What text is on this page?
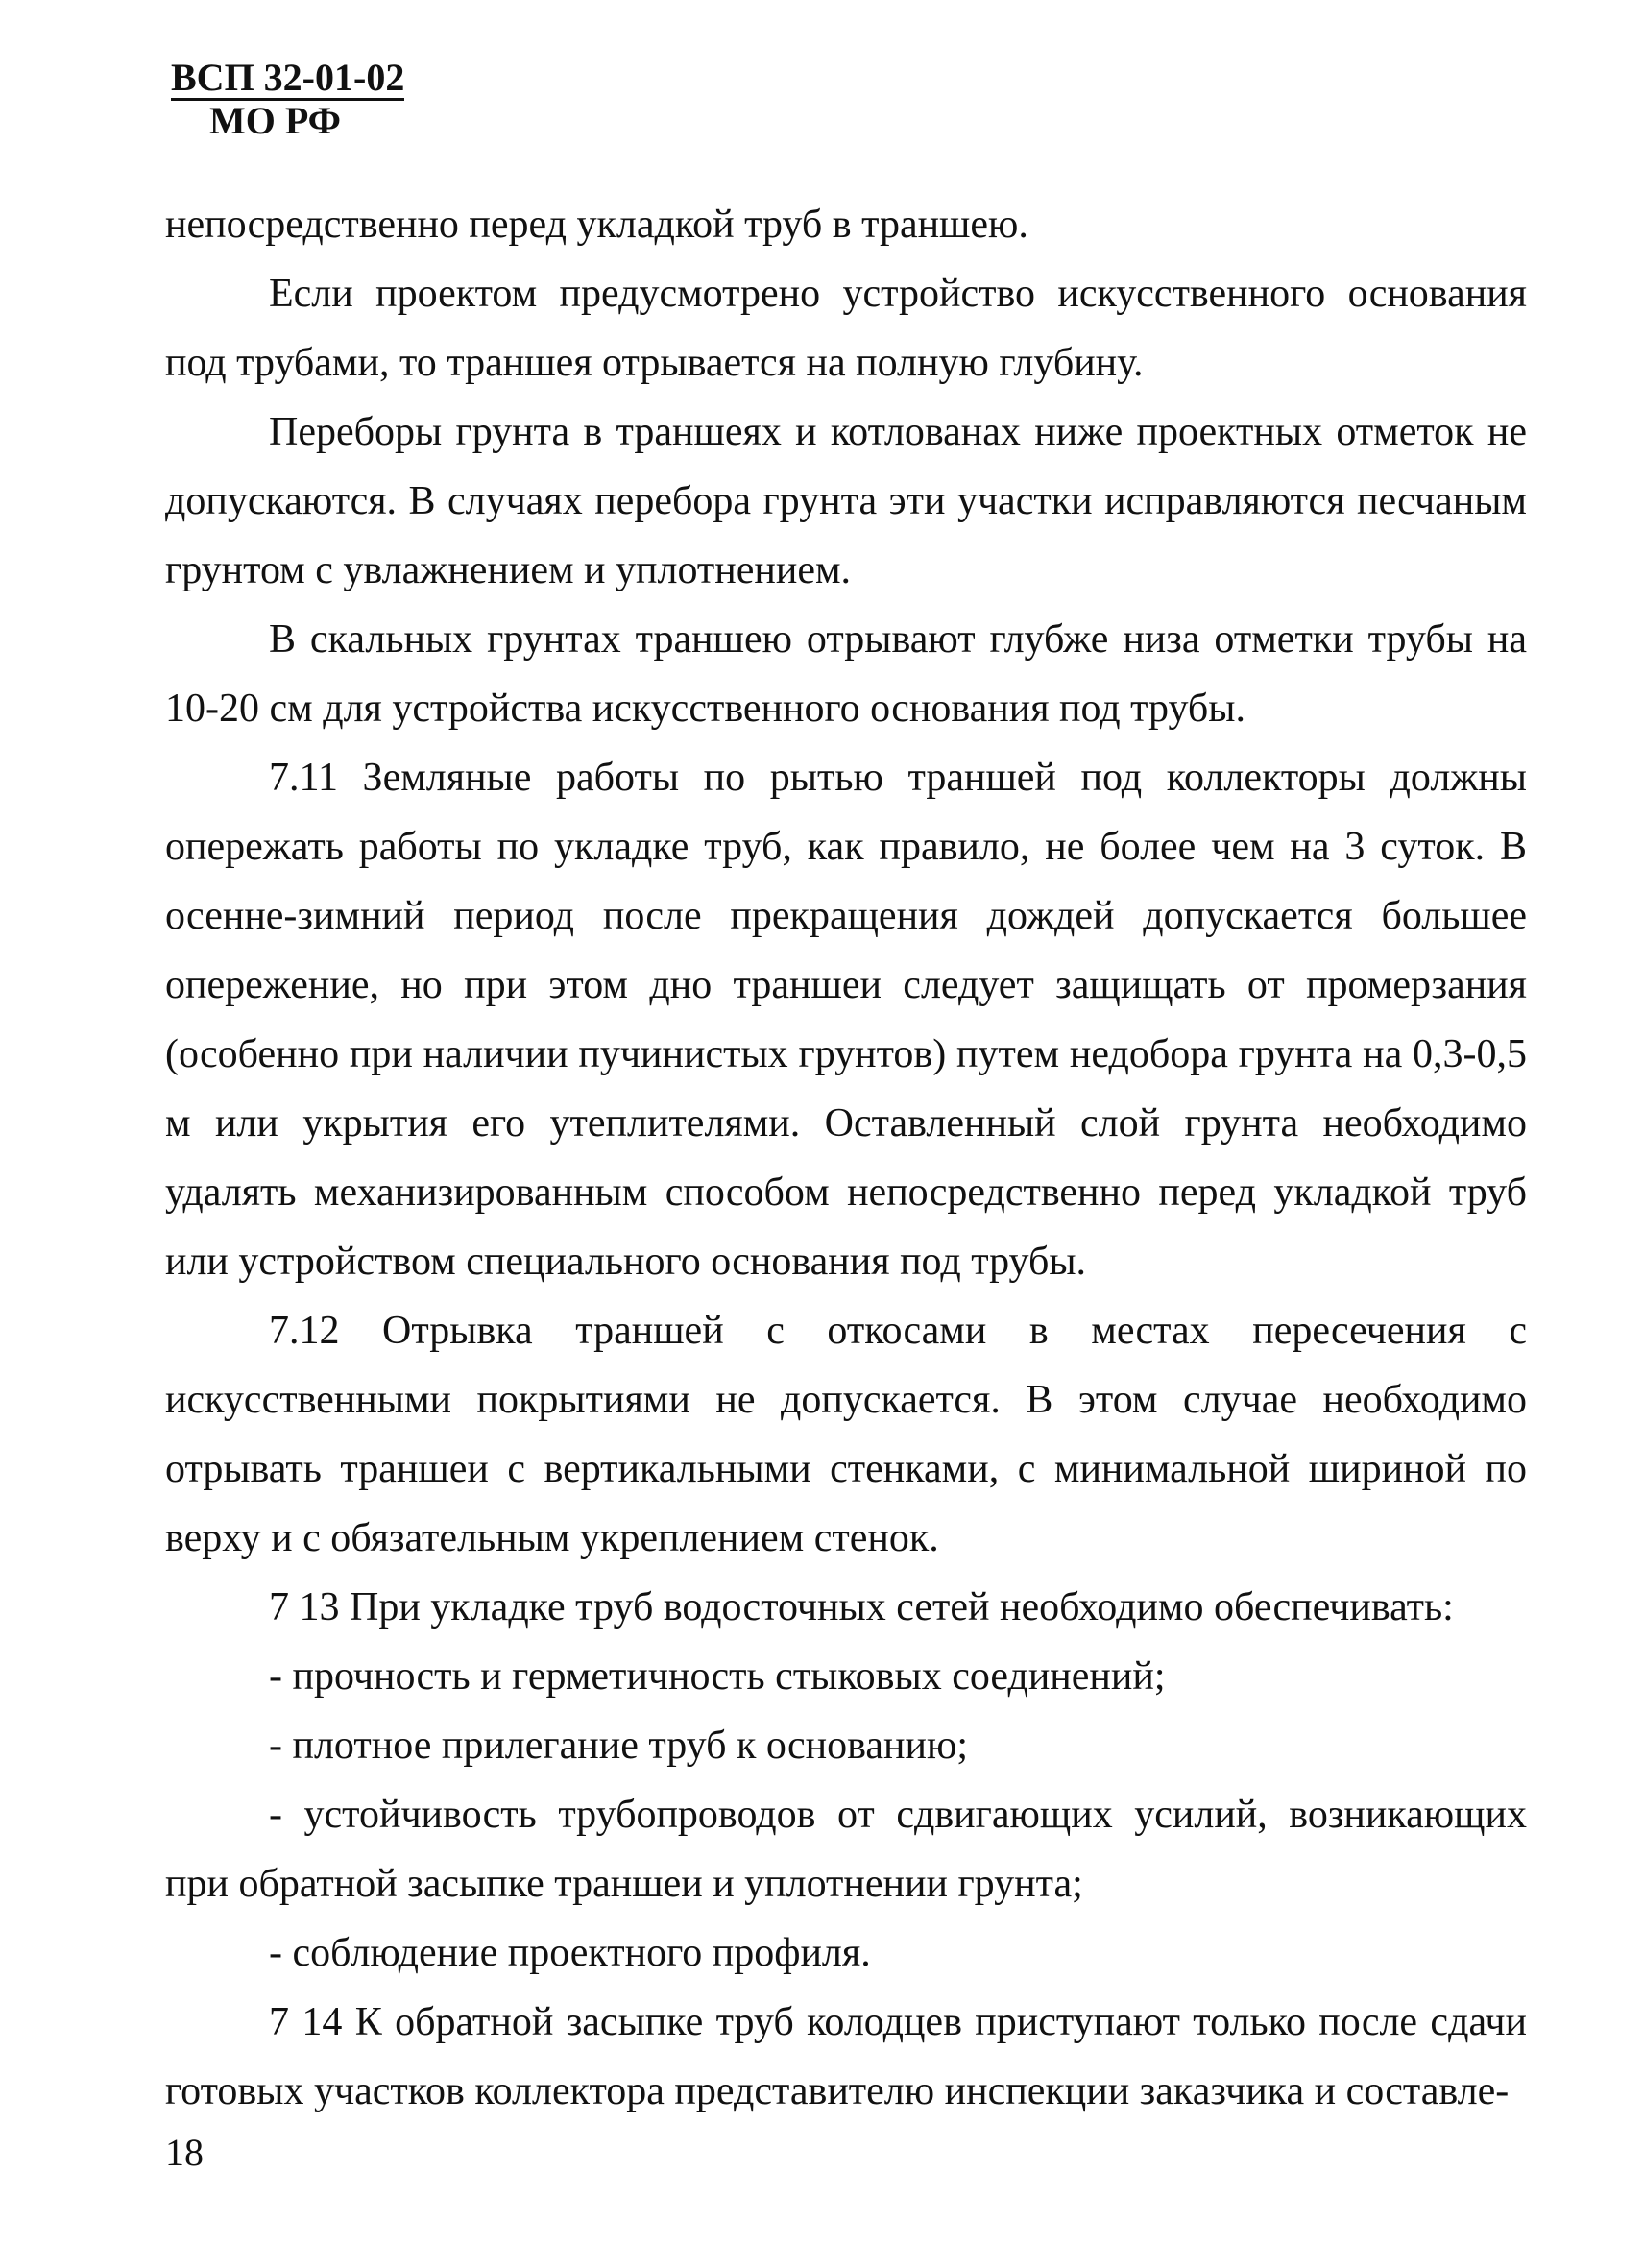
ВСП 32-01-02
МО РФ

непосредственно перед укладкой труб в траншею.

Если проектом предусмотрено устройство искусственного основания под трубами, то траншея отрывается на полную глубину.

Переборы грунта в траншеях и котлованах ниже проектных отметок не допускаются. В случаях перебора грунта эти участки исправляются песчаным грунтом с увлажнением и уплотнением.

В скальных грунтах траншею отрывают глубже низа отметки трубы на 10-20 см для устройства искусственного основания под трубы.

7.11 Земляные работы по рытью траншей под коллекторы должны опережать работы по укладке труб, как правило, не более чем на 3 суток. В осенне-зимний период после прекращения дождей допускается большее опережение, но при этом дно траншеи следует защищать от промерзания (особенно при наличии пучинистых грунтов) путем недобора грунта на 0,3-0,5 м или укрытия его утеплителями. Оставленный слой грунта необходимо удалять механизированным способом непосредственно перед укладкой труб или устройством специального основания под трубы.

7.12 Отрывка траншей с откосами в местах пересечения с искусственными покрытиями не допускается. В этом случае необходимо отрывать траншеи с вертикальными стенками, с минимальной шириной по верху и с обязательным укреплением стенок.

7 13 При укладке труб водосточных сетей необходимо обеспечивать:

- прочность и герметичность стыковых соединений;

- плотное прилегание труб к основанию;

- устойчивость трубопроводов от сдвигающих усилий, возникающих при обратной засыпке траншеи и уплотнении грунта;

- соблюдение проектного профиля.

7 14 К обратной засыпке труб колодцев приступают только после сдачи готовых участков коллектора представителю инспекции заказчика и составле-

18
